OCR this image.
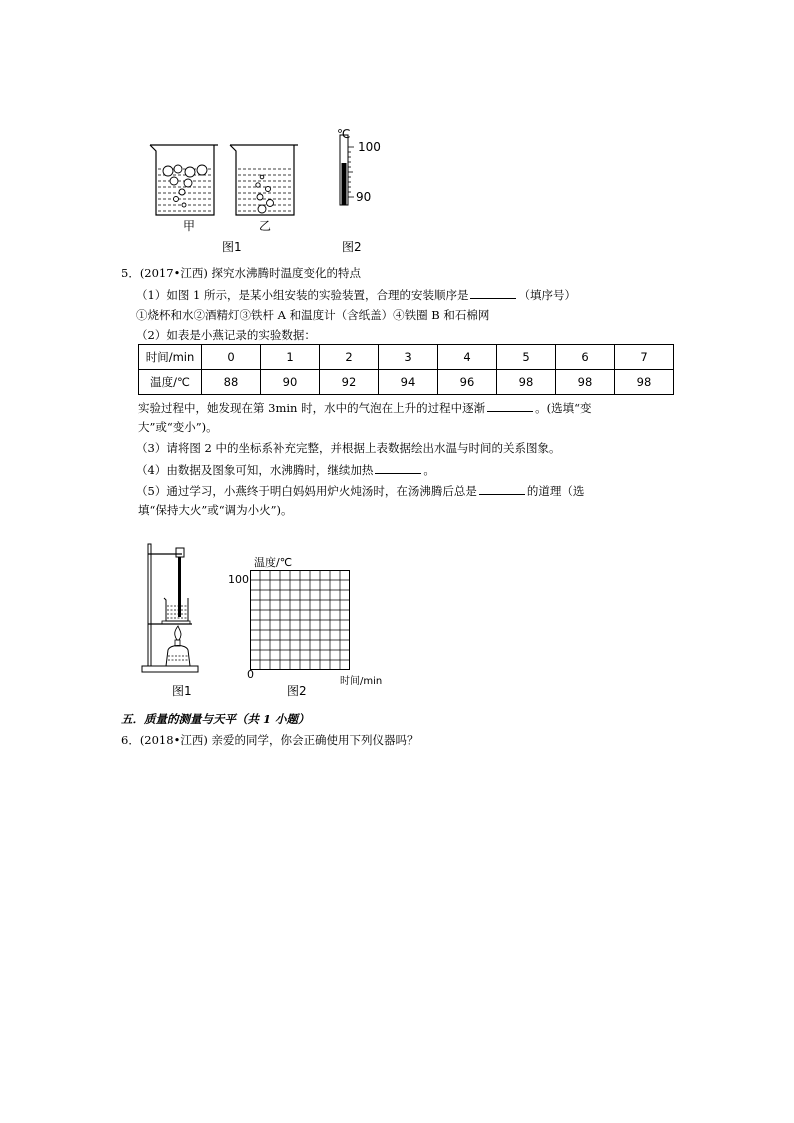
℃
100
90
甲	乙
图1	图2
5．(2017•江西) 探究水沸腾时温度变化的特点
（1）如图 1 所示，是某小组安装的实验装置，合理的安装顺序是	（填序号）
①烧杯和水②酒精灯③铁杆 A 和温度计（含纸盖）④铁圈 B 和石棉网
（2）如表是小燕记录的实验数据：
时间/min	0	1	2	3	4	5	6	7
温度/℃	88	90	92	94	96	98	98	98
实验过程中，她发现在第 3min 时，水中的气泡在上升的过程中逐渐	。(选填“变
大”或“变小”)。
（3）请将图 2 中的坐标系补充完整，并根据上表数据绘出水温与时间的关系图象。
（4）由数据及图象可知，水沸腾时，继续加热	。
（5）通过学习，小燕终于明白妈妈用炉火炖汤时，在汤沸腾后总是	的道理（选
填“保持大火”或“调为小火”)。
温度/℃
100
0
时间/min
图1	图2
五．质量的测量与天平（共 1 小题）
6．(2018•江西) 亲爱的同学，你会正确使用下列仪器吗？
